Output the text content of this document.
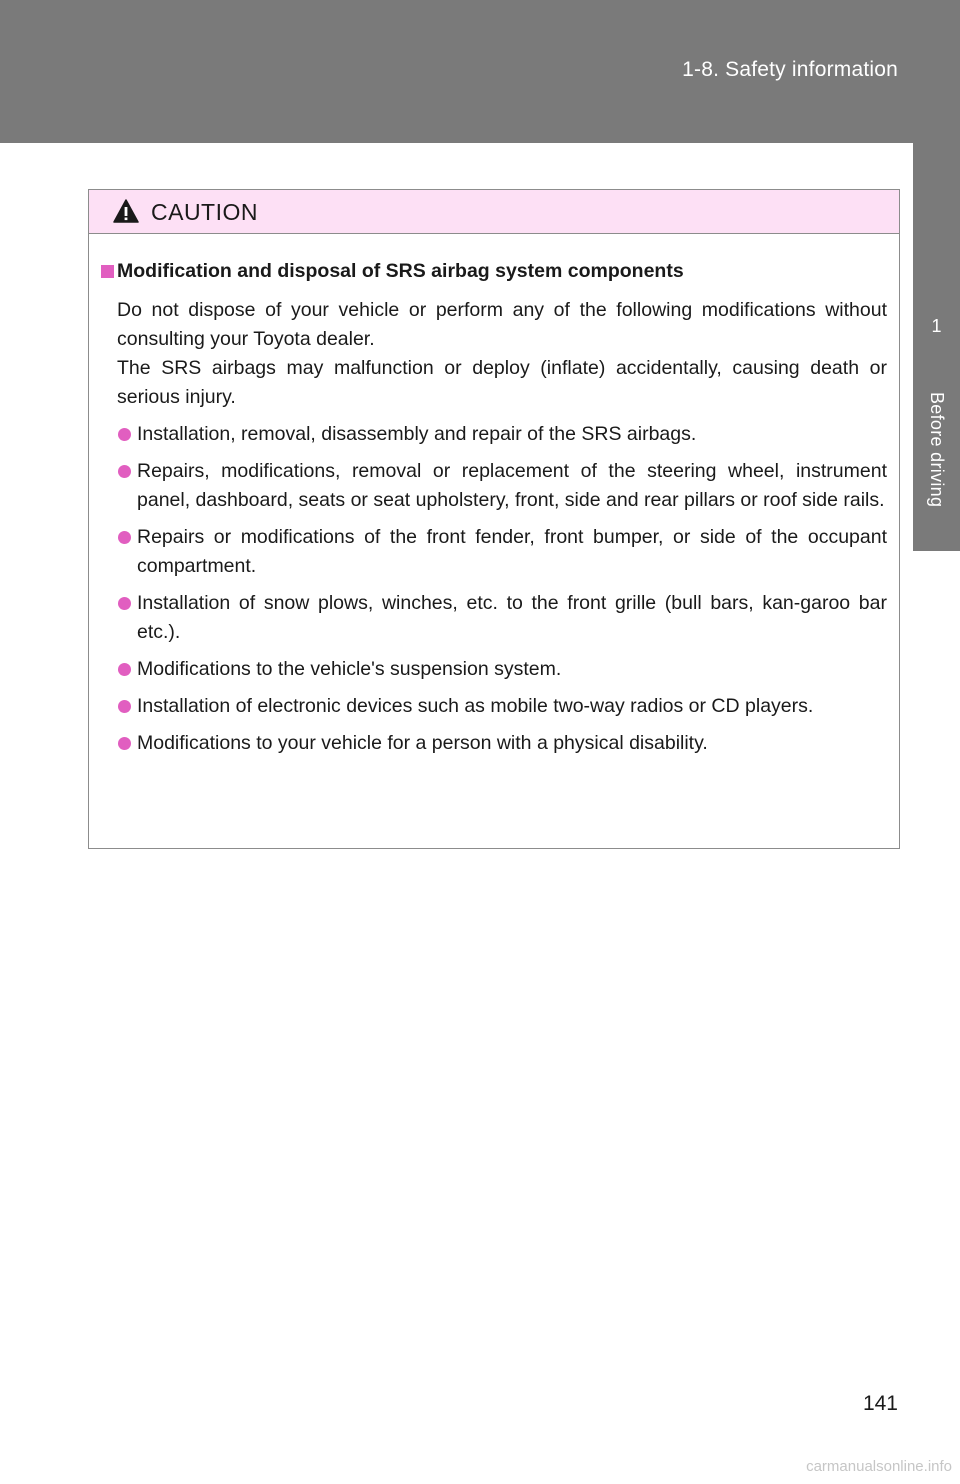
1-8. Safety information
1
Before driving
CAUTION
Modification and disposal of SRS airbag system components

Do not dispose of your vehicle or perform any of the following modifications without consulting your Toyota dealer.

The SRS airbags may malfunction or deploy (inflate) accidentally, causing death or serious injury.

Installation, removal, disassembly and repair of the SRS airbags.
Repairs, modifications, removal or replacement of the steering wheel, instrument panel, dashboard, seats or seat upholstery, front, side and rear pillars or roof side rails.
Repairs or modifications of the front fender, front bumper, or side of the occupant compartment.
Installation of snow plows, winches, etc. to the front grille (bull bars, kan-garoo bar etc.).
Modifications to the vehicle's suspension system.
Installation of electronic devices such as mobile two-way radios or CD players.
Modifications to your vehicle for a person with a physical disability.
141
carmanualsonline.info
